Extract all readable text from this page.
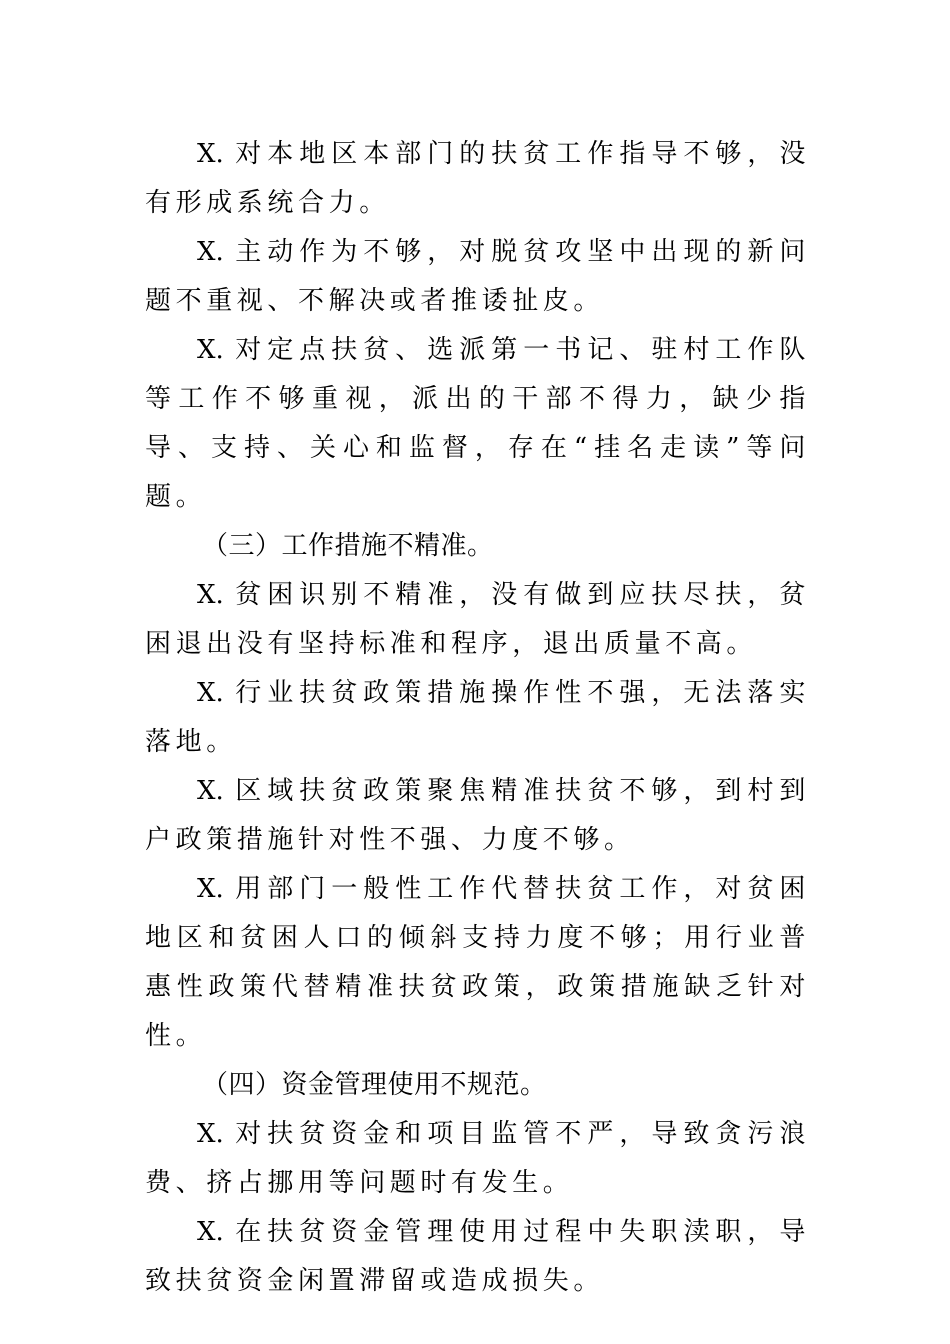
X. 对本地区本部门的扶贫工作指导不够，没有形成系统合力。

X. 主动作为不够，对脱贫攻坚中出现的新问题不重视、不解决或者推诿扯皮。

X. 对定点扶贫、选派第一书记、驻村工作队等工作不够重视，派出的干部不得力，缺少指导、支持、关心和监督，存在“挂名走读”等问题。

（三）工作措施不精准。

X. 贫困识别不精准，没有做到应扶尽扶，贫困退出没有坚持标准和程序，退出质量不高。

X. 行业扶贫政策措施操作性不强，无法落实落地。

X. 区域扶贫政策聚焦精准扶贫不够，到村到户政策措施针对性不强、力度不够。

X. 用部门一般性工作代替扶贫工作，对贫困地区和贫困人口的倾斜支持力度不够；用行业普惠性政策代替精准扶贫政策，政策措施缺乏针对性。

（四）资金管理使用不规范。

X. 对扶贫资金和项目监管不严，导致贪污浪费、挤占挪用等问题时有发生。

X. 在扶贫资金管理使用过程中失职渎职，导致扶贫资金闲置滞留或造成损失。
